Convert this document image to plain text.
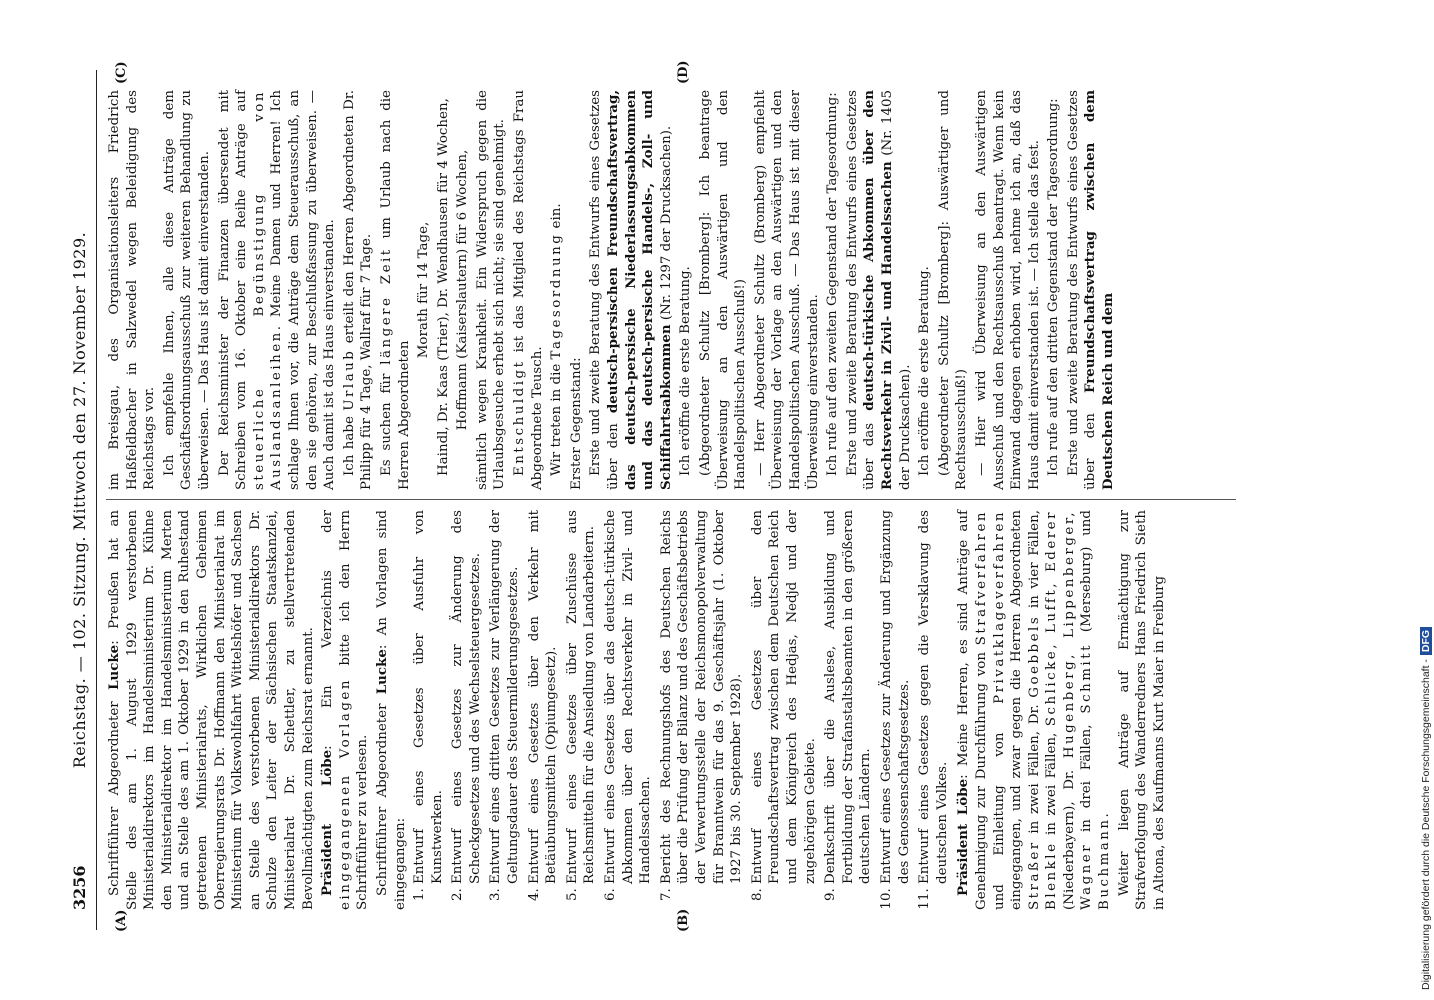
3256
Reichstag. — 102. Sitzung. Mittwoch den 27. November 1929.
(A)	(B)
(C)	(D)

Schriftführer Abgeordneter Lucke: Preußen hat an Stelle des am 1. August 1929 verstorbenen Ministerialdirektors im Handelsministerium Dr. Kühne den Ministerialdirektor im Handelsministerium Merten und an Stelle des am 1. Oktober 1929 in den Ruhestand getretenen Ministerialrats, Wirklichen Geheimen Oberregierungsrats Dr. Hoffmann den Ministerialrat im Ministerium für Volkswohlfahrt Wittelshöfer und Sachsen an Stelle des verstorbenen Ministerialdirektors Dr. Schulze den Leiter der Sächsischen Staatskanzlei, Ministerialrat Dr. Schettler, zu stellvertretenden Bevollmächtigten zum Reichsrat ernannt. Präsident Löbe: Ein Verzeichnis der eingegangenen Vorlagen bitte ich den Herrn Schriftführer zu verlesen. Schriftführer Abgeordneter Lucke: An Vorlagen sind eingegangen: 1. Entwurf eines Gesetzes über Ausfuhr von Kunstwerken. 2. Entwurf eines Gesetzes zur Änderung des Scheckgesetzes und des Wechselsteuergesetzes. 3. Entwurf eines dritten Gesetzes zur Verlängerung der Geltungsdauer des Steuermilderungsgesetzes. 4. Entwurf eines Gesetzes über den Verkehr mit Betäubungsmitteln (Opiumgesetz). 5. Entwurf eines Gesetzes über Zuschüsse aus Reichsmitteln für die Ansiedlung von Landarbeitern. 6. Entwurf eines Gesetzes über das deutsch-türkische Abkommen über den Rechtsverkehr in Zivil- und Handelssachen. 7. Bericht des Rechnungshofs des Deutschen Reichs über die Prüfung der Bilanz und des Geschäftsbetriebs der Verwertungsstelle der Reichsmonopolverwaltung für Branntwein für das 9. Geschäftsjahr (1. Oktober 1927 bis 30. September 1928). 8. Entwurf eines Gesetzes über den Freundschaftsvertrag zwischen dem Deutschen Reich und dem Königreich des Hedjas, Nedjd und der zugehörigen Gebiete. 9. Denkschrift über die Auslese, Ausbildung und Fortbildung der Strafanstaltsbeamten in den größeren deutschen Ländern. 10. Entwurf eines Gesetzes zur Änderung und Ergänzung des Genossenschaftsgesetzes. 11. Entwurf eines Gesetzes gegen die Versklavung des deutschen Volkes. Präsident Löbe: Meine Herren, es sind Anträge auf Genehmigung zur Durchführung von Strafverfahren und Einleitung von Privatklageverfahren eingegangen, und zwar gegen die Herren Abgeordneten Straßer in zwei Fällen, Dr. Goebbels in vier Fällen, Blenkle in zwei Fällen, Schlicke, Lufft, Ederer (Niederbayern), Dr. Hugenberg, Lippenberger, Wagner in drei Fällen, Schmitt (Merseburg) und Buchmann. Weiter liegen Anträge auf Ermächtigung zur Strafverfolgung des Wanderredners Hans Friedrich Sieth in Altona, des Kaufmanns Kurt Maier in Freiburg

im Breisgau, des Organisationsleiters Friedrich Haßfeldbacher in Salzwedel wegen Beleidigung des Reichstags vor. Ich empfehle Ihnen, alle diese Anträge dem Geschäftsordnungsausschuß zur weiteren Behandlung zu überweisen. — Das Haus ist damit einverstanden. Der Reichsminister der Finanzen übersendet mit Schreiben vom 16. Oktober eine Reihe Anträge auf steuerliche Begünstigung von Auslandsanleihen. Meine Damen und Herren! Ich schlage Ihnen vor, die Anträge dem Steuerausschuß, an den sie gehören, zur Beschlußfassung zu überweisen. — Auch damit ist das Haus einverstanden. Ich habe Urlaub erteilt den Herren Abgeordneten Dr. Philipp für 4 Tage, Wallraf für 7 Tage. Es suchen für längere Zeit um Urlaub nach die Herren Abgeordneten

Morath für 14 Tage, Haindl, Dr. Kaas (Trier), Dr. Wendhausen für 4 Wochen, Hoffmann (Kaiserslautern) für 6 Wochen, sämtlich wegen Krankheit. Ein Widerspruch gegen die Urlaubsgesuche erhebt sich nicht; sie sind genehmigt. Entschuldigt ist das Mitglied des Reichstags Frau Abgeordnete Teusch. Wir treten in die Tagesordnung ein.

Erster Gegenstand: Erste und zweite Beratung des Entwurfs eines Gesetzes über den deutsch-persischen Freundschaftsvertrag, das deutsch-persische Niederlassungsabkommen und das deutsch-persische Handels-, Zoll- und Schiffahrtsabkommen (Nr. 1297 der Drucksachen).

Ich eröffne die erste Beratung. (Abgeordneter Schultz [Bromberg]: Ich beantrage Überweisung an den Auswärtigen und den Handelspolitischen Ausschuß!) — Herr Abgeordneter Schultz (Bromberg) empfiehlt Überweisung der Vorlage an den Auswärtigen und den Handelspolitischen Ausschuß. — Das Haus ist mit dieser Überweisung einverstanden. Ich rufe auf den zweiten Gegenstand der Tagesordnung: Erste und zweite Beratung des Entwurfs eines Gesetzes über das deutsch-türkische Abkommen über den Rechtsverkehr in Zivil- und Handelssachen (Nr. 1405 der Drucksachen). Ich eröffne die erste Beratung. (Abgeordneter Schultz [Bromberg]: Auswärtiger und Rechtsausschuß!) — Hier wird Überweisung an den Auswärtigen Ausschuß und den Rechtsausschuß beantragt. Wenn kein Einwand dagegen erhoben wird, nehme ich an, daß das Haus damit einverstanden ist. — Ich stelle das fest. Ich rufe auf den dritten Gegenstand der Tagesordnung: Erste und zweite Beratung des Entwurfs eines Gesetzes über den Freundschaftsvertrag zwischen dem Deutschen Reich und dem

Digitalisierung gefördert durch die Deutsche Forschungsgemeinschaft -DFG
